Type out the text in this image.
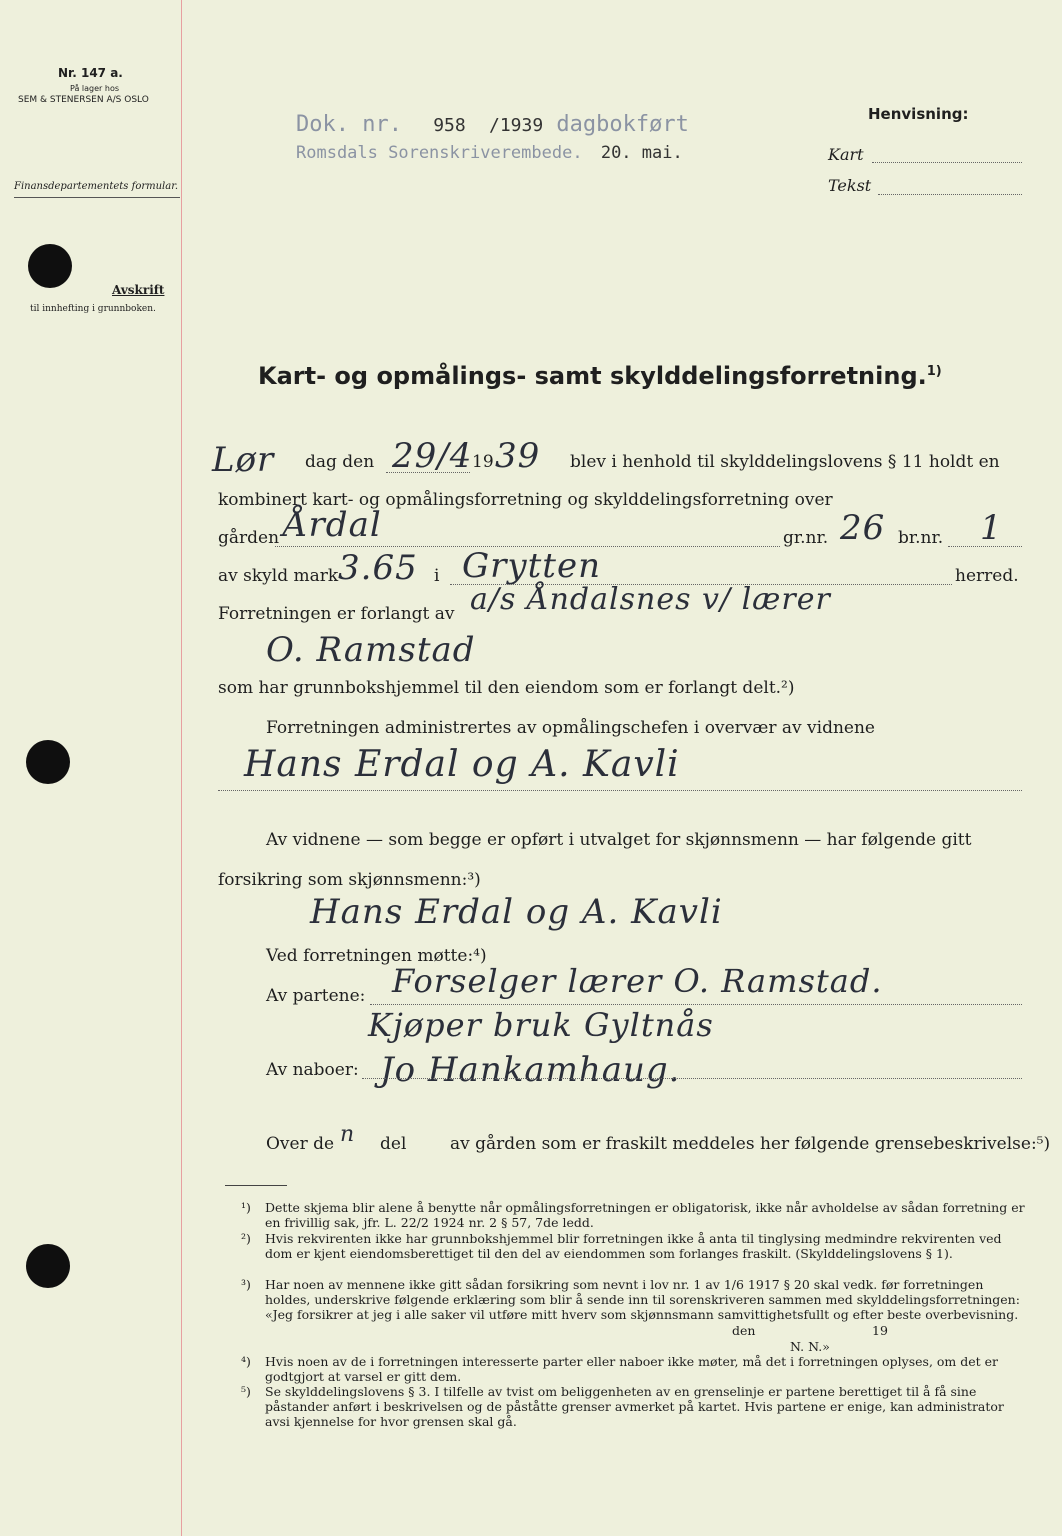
Nr. 147 a.
På lager hos
SEM & STENERSEN A/S OSLO
Finansdepartementets formular.
Avskrift
til innhefting i grunnboken.
Dok. nr. 958 /1939 dagbokført
Romsdals Sorenskriverembede. 20. mai.
Henvisning:
Kart
Tekst
Kart- og opmålings- samt skylddelingsforretning.$^{1)}$
Lør dag den 29/4 19 39 blev i henhold til skylddelingslovens § 11 holdt en
kombinert kart- og opmålingsforretning og skylddelingsforretning over
gården Årdal	gr.nr. 26 br.nr. 1
av skyld mark 3.65 i Grytten	herred.
Forretningen er forlangt av a/s Åndalsnes v/ lærer
O. Ramstad
som har grunnbokshjemmel til den eiendom som er forlangt delt.²)
Forretningen administrertes av opmålingschefen i overvær av vidnene
Hans Erdal og A. Kavli
Av vidnene — som begge er opført i utvalget for skjønnsmenn — har følgende gitt
forsikring som skjønnsmenn:³)
Hans Erdal og A. Kavli
Ved forretningen møtte:⁴)
Av partene: Forselger lærer O. Ramstad.
Kjøper bruk Gyltnås
Av naboer: Jo Hankamhaug.
Over de n del	av gården som er fraskilt meddeles her følgende grensebeskrivelse:⁵)
¹) Dette skjema blir alene å benytte når opmålingsforretningen er obligatorisk, ikke når avholdelse av sådan forretning er en frivillig sak, jfr. L. 22/2 1924 nr. 2 § 57, 7de ledd.
²) Hvis rekvirenten ikke har grunnbokshjemmel blir forretningen ikke å anta til tinglysing medmindre rekvirenten ved dom er kjent eiendomsberettiget til den del av eiendommen som forlanges fraskilt. (Skylddelingslovens § 1).
³) Har noen av mennene ikke gitt sådan forsikring som nevnt i lov nr. 1 av 1/6 1917 § 20 skal vedk. før forretningen holdes, underskrive følgende erklæring som blir å sende inn til sorenskriveren sammen med skylddelingsforretningen: «Jeg forsikrer at jeg i alle saker vil utføre mitt hverv som skjønnsmann samvittighetsfullt og efter beste overbevisning.
den	19
N. N.»
⁴) Hvis noen av de i forretningen interesserte parter eller naboer ikke møter, må det i forretningen oplyses, om det er godtgjort at varsel er gitt dem.
⁵) Se skylddelingslovens § 3. I tilfelle av tvist om beliggenheten av en grenselinje er partene berettiget til å få sine påstander anført i beskrivelsen og de påståtte grenser avmerket på kartet. Hvis partene er enige, kan administrator avsi kjennelse for hvor grensen skal gå.
